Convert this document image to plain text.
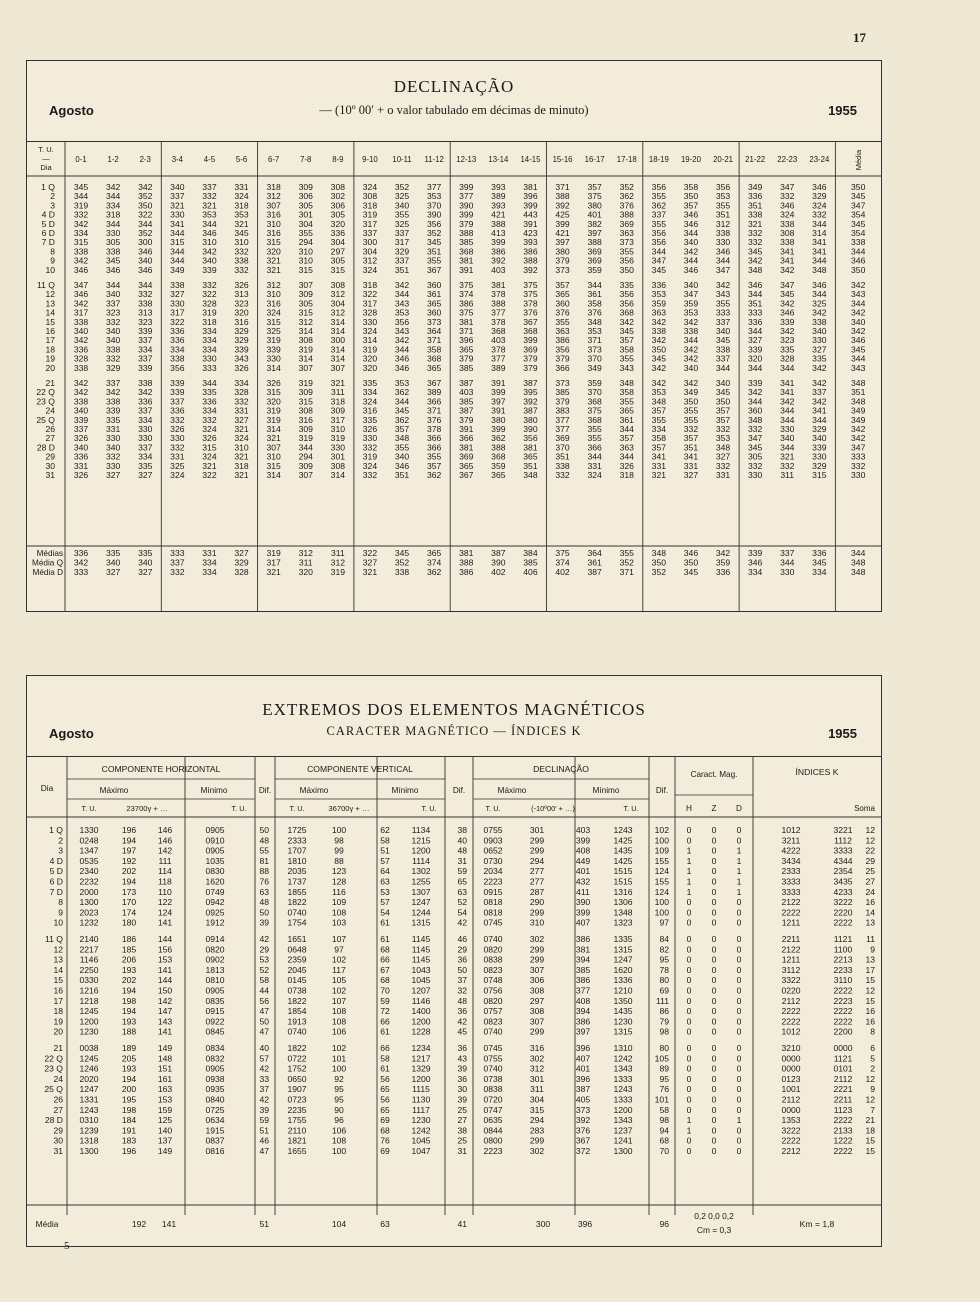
17
DECLINAÇÃO
Agosto	— (10º 00′ + o valor tabulado em décimas de minuto)	1955
T. U.
—
Dia
0-1	1-2	2-3	3-4	4-5	5-6	6-7	7-8	8-9 9-10 10-11 11-12 12-13 13-14 14-15 15-16 16-17 17-18 18-19 19-20 20-21 21-22 22-23 23-24	Média
1 Q 345 342 342 340 337 331 318 309 308 324 352 377 399 393 381 371 357 352 356 358 356 349 347 346	350
2 344 344 352 337 332 324 312 306 302 308 325 353 377 389 396 388 375 362 355 350 353 336 332 329	345
3 319 334 350 321 321 318 307 305 306 318 340 370 390 393 399 392 380 376 362 357 355 351 346 324	347
4 D 332 318 322 330 353 353 316 301 305 319 355 390 399 421 443 425 401 388 337 346 351 338 324 332	354
5 D 342 344 344 341 344 321 310 304 320 317 325 356 379 388 391 399 382 369 355 346 312 321 338 344	345
6 D 334 330 352 344 346 345 316 355 336 337 337 352 388 413 423 421 397 363 356 344 338 332 308 314	354
7 D 315 305 300 315 310 310 315 294 304 300 317 345 385 399 393 397 388 373 356 340 330 332 338 341	338
8 338 338 346 344 342 332 320 310 297 304 329 351 368 386 386 380 369 355 344 342 346 345 341 341	344
9 342 345 340 344 340 338 321 310 305 312 337 355 381 392 388 379 369 356 347 344 344 342 341 344	346
10 346 346 346 349 339 332 321 315 315 324 351 367 391 403 392 373 359 350 345 346 347 348 342 348	350
11 Q 347 344 344 338 332 326 312 307 308 318 342 360 375 381 375 357 344 335 336 340 342 346 347 346	342
12 346 340 332 327 322 313 310 309 312 322 344 361 374 378 375 365 361 356 353 347 343 344 345 344	343
13 342 337 338 330 328 323 316 305 304 317 343 365 386 388 378 360 358 356 359 359 355 351 342 325	344
14 317 323 313 317 319 320 324 315 312 328 353 360 375 377 376 376 376 368 363 353 333 333 346 342	342
15 338 332 323 322 318 316 315 312 314 330 356 373 381 378 367 355 348 342 342 342 337 336 339 338	340
16 340 340 339 336 334 329 325 314 314 324 343 364 371 368 368 363 353 345 338 338 340 344 342 340	342
17 342 340 337 336 334 329 319 308 300 314 342 371 396 403 399 386 371 357 342 344 345 327 323 330	346
18 336 338 334 334 334 339 339 319 314 319 344 358 365 378 369 356 373 358 350 342 338 339 335 327	345
19 328 332 337 338 330 343 330 314 314 320 346 368 379 377 379 379 370 355 345 342 337 320 328 335	344
20 338 329 339 356 333 326 314 307 307 320 346 365 385 389 379 366 349 343 342 340 344 344 344 342	343
21 342 337 338 339 344 334 326 319 321 335 353 367 387 391 387 373 359 348 342 342 340 339 341 342	348
22 Q 342 342 342 339 335 328 315 309 311 334 362 389 403 399 395 385 370 358 353 349 345 342 341 337	351
23 Q 338 338 336 337 336 332 320 315 318 324 344 366 385 397 392 379 368 355 348 350 350 344 342 342	348
24 340 339 337 336 334 331 319 308 309 316 345 371 387 391 387 383 375 365 357 355 357 360 344 341	349
25 Q 339 335 334 332 332 327 319 316 317 335 362 376 379 380 380 377 368 361 355 355 357 348 344 344	349
26 337 331 330 326 324 321 314 309 310 326 357 378 391 399 390 377 355 344 334 332 332 332 330 329	342
27 326 330 330 330 326 324 321 319 319 330 348 366 366 362 356 369 355 357 358 357 353 347 340 340	342
28 D 340 340 337 332 315 310 307 344 330 332 355 366 381 388 381 370 366 363 357 351 348 345 344 339	347
29 336 332 334 331 324 321 310 294 301 319 340 355 369 368 365 351 344 344 341 341 327 305 321 330	333
30 331 330 335 325 321 318 315 309 308 324 346 357 365 359 351 338 331 326 331 331 332 332 332 329	332
31 326 327 327 324 322 321 314 307 314 332 351 362 367 365 348 332 324 318 321 327 331 330 311 315	330
Médias 336 335 335 333 331 327 319 312 311 322 345 365 381 387 384 375 364 355 348 346 342 339 337 336	344
Média Q 342 340 340 337 334 329 317 311 312 327 352 374 388 390 385 374 361 352 350 350 359 346 344 345	348
Média D 333 327 327 332 334 328 321 320 319 321 338 362 386 402 406 402 387 371 352 345 336 334 330 334	348
EXTREMOS DOS ELEMENTOS MAGNÉTICOS
Agosto	CARACTER MAGNÉTICO — ÍNDICES K	1955
Dia
COMPONENTE HORIZONTAL	COMPONENTE VERTICAL	DECLINAÇÃO
Caract. Mag.	ÍNDICES K
Máximo	Mínimo	Dif.	Máximo	Mínimo	Dif.	Máximo	Mínimo	Dif.
T. U.	23700γ + …	T. U.	T. U.	36700γ + …	T. U.	T. U.	(-10º00′ + …)	T. U.	H Z D	Soma
1 Q 1330	196	146	0905	50 1725	100	62	1134	38 0755	301	403	1243	102 0 0 0	1012	3221 12
2 0248	194	146	0910	48 2333	98	58	1215	40 0903	299	399	1425	100 0 0 0	3211	1112 12
3 1347	197	142	0905	55 1707	99	51	1200	48 0652	299	408	1435	109 1 0 1	4222	3333 22
4 D 0535	192	111	1035	81 1810	88	57	1114	31 0730	294	449	1425	155 1 0 1	3434	4344 29
5 D 2340	202	114	0830	88 2035	123	64	1302	59 2034	277	401	1515	124 1 0 1	2333	2354 25
6 D 2232	194	118	1620	76 1737	128	63	1255	65 2223	277	432	1515	155 1 0 1	3333	3435 27
7 D 2000	173	110	0749	63 1855	116	53	1307	63 0915	287	411	1316	124 1 0 1	3333	4233 24
8 1300	170	122	0942	48 1822	109	57	1247	52 0818	290	390	1306	100 0 0 0	2122	3222 16
9 2023	174	124	0925	50 0740	108	54	1244	54 0818	299	399	1348	100 0 0 0	2222	2220 14
10 1232	180	141	1912	39 1754	103	61	1315	42 0745	310	407	1323	97 0 0 0	1211	2222 13
11 Q 2140	186	144	0914	42 1651	107	61	1145	46 0740	302	386	1335	84 0 0 0	2211	1121 11
12 2217	185	156	0820	29 0648	97	68	1145	29 0820	299	381	1315	82 0 0 0	2122	1100 9
13 1146	206	153	0902	53 2359	102	66	1145	36 0838	299	394	1247	95 0 0 0	1211	2213 13
14 2250	193	141	1813	52 2045	117	67	1043	50 0823	307	385	1620	78 0 0 0	3112	2233 17
15 0330	202	144	0810	58 0145	105	68	1045	37 0748	306	386	1336	80 0 0 0	3322	3110 15
16 1216	194	150	0905	44 0738	102	70	1207	32 0756	308	377	1210	69 0 0 0	0220	2222 12
17 1218	198	142	0835	56 1822	107	59	1146	48 0820	297	408	1350	111 0 0 0	2112	2223 15
18 1245	194	147	0915	47 1854	108	72	1400	36 0757	308	394	1435	86 0 0 0	2222	2222 16
19 1200	193	143	0922	50 1913	108	66	1200	42 0823	307	386	1230	79 0 0 0	2222	2222 16
20 1230	188	141	0845	47 0740	106	61	1228	45 0740	299	397	1315	98 0 0 0	1012	2200 8
21 0038	189	149	0834	40 1822	102	66	1234	36 0745	316	396	1310	80 0 0 0	3210	0000 6
22 Q 1245	205	148	0832	57 0722	101	58	1217	43 0755	302	407	1242	105 0 0 0	0000	1121 5
23 Q 1246	193	151	0905	42 1752	100	61	1329	39 0740	312	401	1343	89 0 0 0	0000	0101 2
24 2020	194	161	0938	33 0650	92	56	1200	36 0738	301	396	1333	95 0 0 0	0123	2112 12
25 Q 1247	200	163	0935	37 1907	95	65	1115	30 0838	311	387	1243	76 0 0 0	1001	2221 9
26 1331	195	153	0840	42 0723	95	56	1130	39 0720	304	405	1333	101 0 0 0	2112	2211 12
27 1243	198	159	0725	39 2235	90	65	1117	25 0747	315	373	1200	58 0 0 0	0000	1123 7
28 D 0310	184	125	0634	59 1755	96	69	1230	27 0635	294	392	1343	98 1 0 1	1353	2222 21
29 1239	191	140	1915	51 2110	106	68	1242	38 0844	283	376	1237	94 1 0 0	3222	2133 18
30 1318	183	137	0837	46 1821	108	76	1045	25 0800	299	367	1241	68 0 0 0	2222	1222 15
31 1300	196	149	0816	47 1655	100	69	1047	31 2223	302	372	1300	70 0 0 0	2212	2222 15
Média	192 141	51	104	63	41	300	396	96
0,2 0,0 0,2
Cm = 0,3
Km = 1,8
5
